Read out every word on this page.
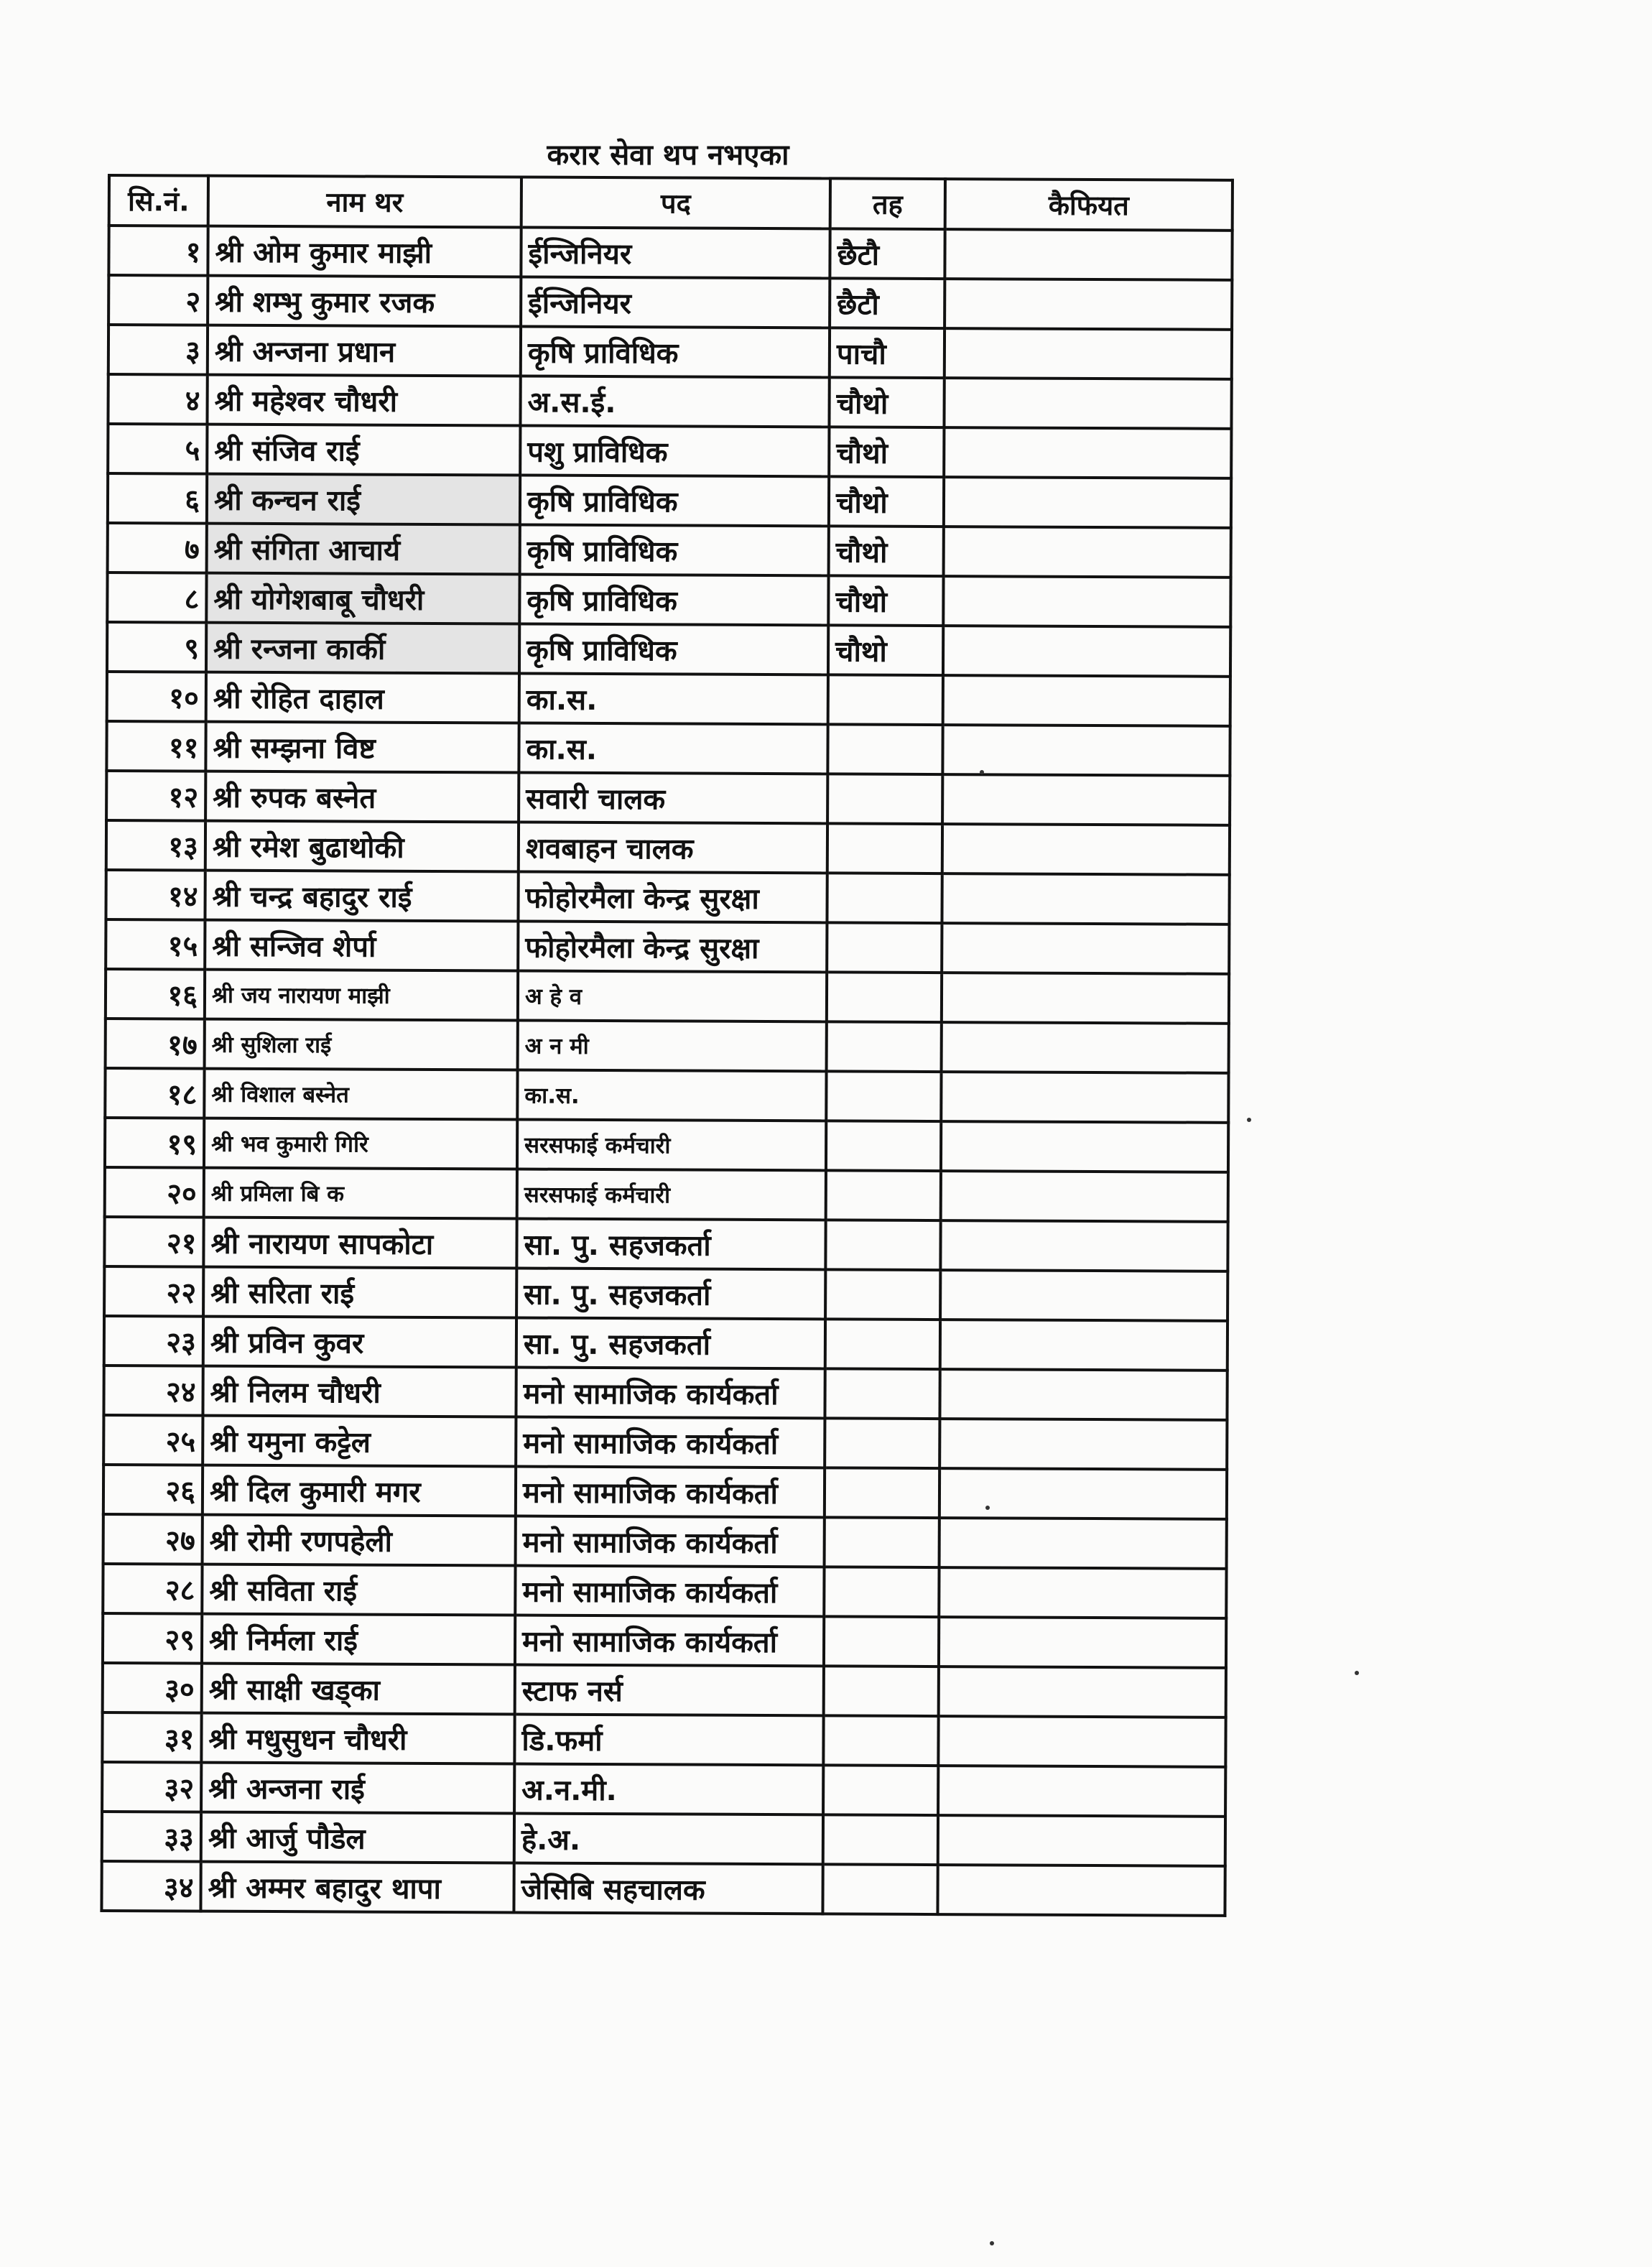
करार सेवा थप नभएका
सि.नं.	नाम थर	पद	तह	कैफियत
१	श्री ओम कुमार माझी	ईन्जिनियर	छैटौ	
२	श्री शम्भु कुमार रजक	ईन्जिनियर	छैटौ	
३	श्री अन्जना प्रधान	कृषि प्राविधिक	पाचौ	
४	श्री महेश्वर चौधरी	अ.स.ई.	चौथो	
५	श्री संजिव राई	पशु प्राविधिक	चौथो	
६	श्री कन्चन राई	कृषि प्राविधिक	चौथो	
७	श्री संगिता आचार्य	कृषि प्राविधिक	चौथो	
८	श्री योगेशबाबू चौधरी	कृषि प्राविधिक	चौथो	
९	श्री रन्जना कार्की	कृषि प्राविधिक	चौथो	
१०	श्री रोहित दाहाल	का.स.		
११	श्री सम्झना विष्ट	का.स.		
१२	श्री रुपक बस्नेत	सवारी चालक		
१३	श्री रमेश बुढाथोकी	शवबाहन चालक		
१४	श्री चन्द्र बहादुर राई	फोहोरमैला केन्द्र सुरक्षा		
१५	श्री सन्जिव शेर्पा	फोहोरमैला केन्द्र सुरक्षा		
१६	श्री जय नारायण माझी	अ हे व		
१७	श्री सुशिला राई	अ न मी		
१८	श्री विशाल बस्नेत	का.स.		
१९	श्री भव कुमारी गिरि	सरसफाई कर्मचारी		
२०	श्री प्रमिला बि क	सरसफाई कर्मचारी		
२१	श्री नारायण सापकोटा	सा. पु. सहजकर्ता		
२२	श्री सरिता राई	सा. पु. सहजकर्ता		
२३	श्री प्रविन कुवर	सा. पु. सहजकर्ता		
२४	श्री निलम चौधरी	मनो सामाजिक कार्यकर्ता		
२५	श्री यमुना कट्टेल	मनो सामाजिक कार्यकर्ता		
२६	श्री दिल कुमारी मगर	मनो सामाजिक कार्यकर्ता		
२७	श्री रोमी रणपहेली	मनो सामाजिक कार्यकर्ता		
२८	श्री सविता राई	मनो सामाजिक कार्यकर्ता		
२९	श्री निर्मला राई	मनो सामाजिक कार्यकर्ता		
३०	श्री साक्षी खड्का	स्टाफ नर्स		
३१	श्री मधुसुधन चौधरी	डि.फर्मा		
३२	श्री अन्जना राई	अ.न.मी.		
३३	श्री आर्जु पौडेल	हे.अ.		
३४	श्री अम्मर बहादुर थापा	जेसिबि सहचालक		
